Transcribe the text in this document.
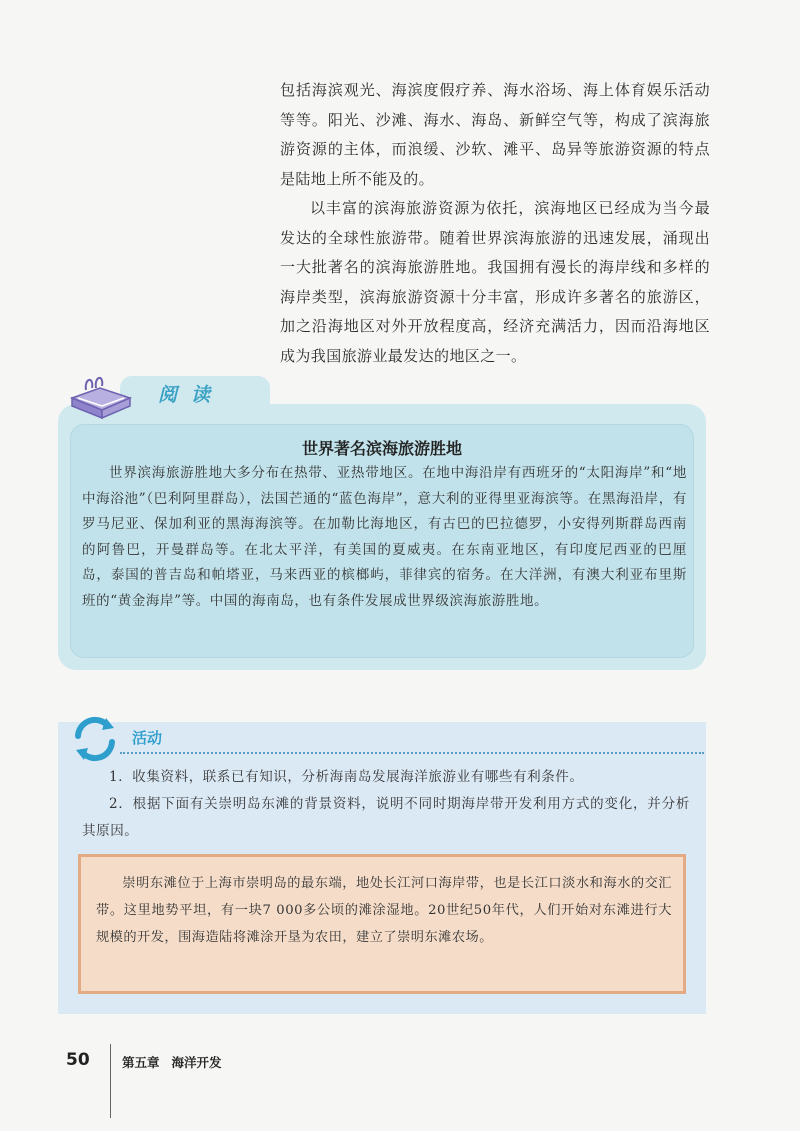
包括海滨观光、海滨度假疗养、海水浴场、海上体育娱乐活动等等。阳光、沙滩、海水、海岛、新鲜空气等，构成了滨海旅游资源的主体，而浪缓、沙软、滩平、岛异等旅游资源的特点是陆地上所不能及的。

以丰富的滨海旅游资源为依托，滨海地区已经成为当今最发达的全球性旅游带。随着世界滨海旅游的迅速发展，涌现出一大批著名的滨海旅游胜地。我国拥有漫长的海岸线和多样的海岸类型，滨海旅游资源十分丰富，形成许多著名的旅游区，加之沿海地区对外开放程度高，经济充满活力，因而沿海地区成为我国旅游业最发达的地区之一。

阅读
世界著名滨海旅游胜地

世界滨海旅游胜地大多分布在热带、亚热带地区。在地中海沿岸有西班牙的“太阳海岸”和“地中海浴池”（巴利阿里群岛），法国芒通的“蓝色海岸”，意大利的亚得里亚海滨等。在黑海沿岸，有罗马尼亚、保加利亚的黑海海滨等。在加勒比海地区，有古巴的巴拉德罗，小安得列斯群岛西南的阿鲁巴，开曼群岛等。在北太平洋，有美国的夏威夷。在东南亚地区，有印度尼西亚的巴厘岛，泰国的普吉岛和帕塔亚，马来西亚的槟榔屿，菲律宾的宿务。在大洋洲，有澳大利亚布里斯班的“黄金海岸”等。中国的海南岛，也有条件发展成世界级滨海旅游胜地。

活动

1．收集资料，联系已有知识，分析海南岛发展海洋旅游业有哪些有利条件。

2．根据下面有关崇明岛东滩的背景资料，说明不同时期海岸带开发利用方式的变化，并分析其原因。

崇明东滩位于上海市崇明岛的最东端，地处长江河口海岸带，也是长江口淡水和海水的交汇带。这里地势平坦，有一块7 000多公顷的滩涂湿地。20世纪50年代，人们开始对东滩进行大规模的开发，围海造陆将滩涂开垦为农田，建立了崇明东滩农场。

50	第五章 海洋开发
